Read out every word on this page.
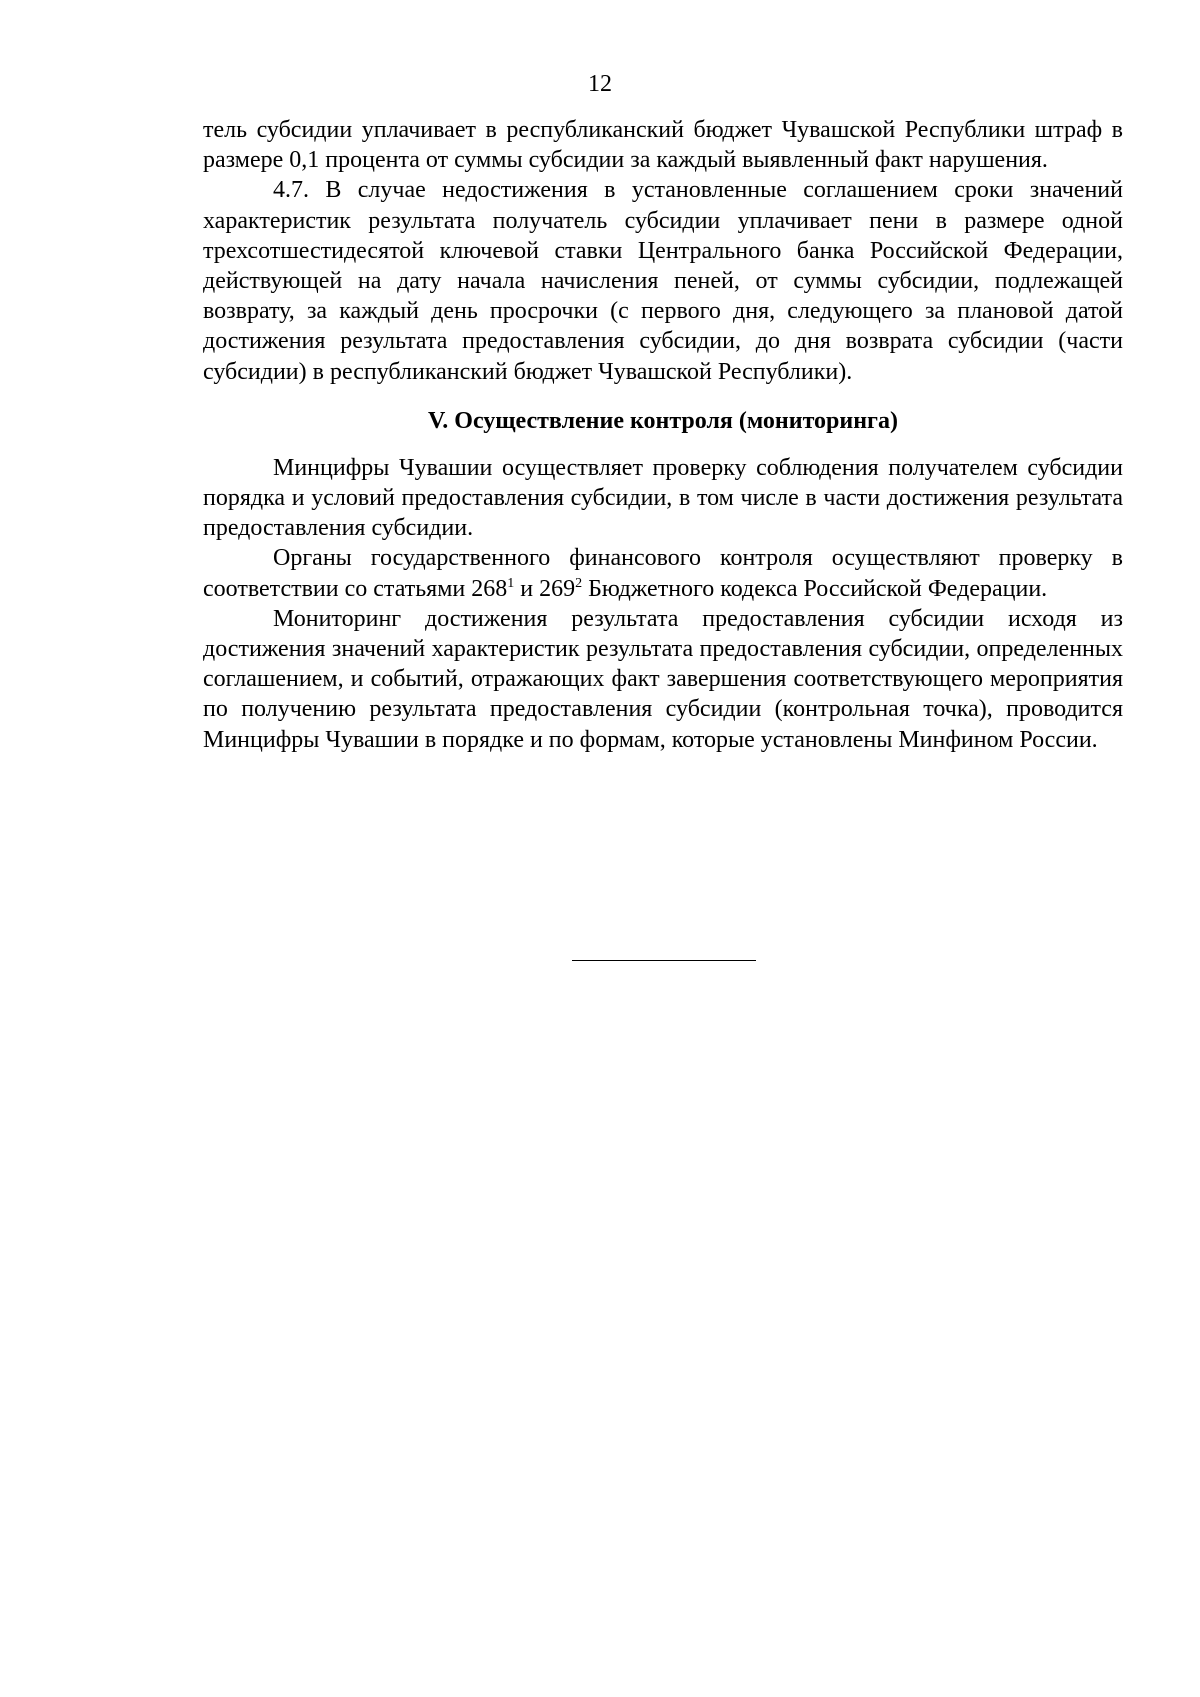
12

тель субсидии уплачивает в республиканский бюджет Чувашской Республики штраф в размере 0,1 процента от суммы субсидии за каждый выявленный факт нарушения.

4.7. В случае недостижения в установленные соглашением сроки значений характеристик результата получатель субсидии уплачивает пени в размере одной трехсотшестидесятой ключевой ставки Центрального банка Российской Федерации, действующей на дату начала начисления пеней, от суммы субсидии, подлежащей возврату, за каждый день просрочки (с первого дня, следующего за плановой датой достижения результата предоставления субсидии, до дня возврата субсидии (части субсидии) в республиканский бюджет Чувашской Республики).

V. Осуществление контроля (мониторинга)

Минцифры Чувашии осуществляет проверку соблюдения получателем субсидии порядка и условий предоставления субсидии, в том числе в части достижения результата предоставления субсидии.

Органы государственного финансового контроля осуществляют проверку в соответствии со статьями $268^1$ и $269^2$ Бюджетного кодекса Российской Федерации.

Мониторинг достижения результата предоставления субсидии исходя из достижения значений характеристик результата предоставления субсидии, определенных соглашением, и событий, отражающих факт завершения соответствующего мероприятия по получению результата предоставления субсидии (контрольная точка), проводится Минцифры Чувашии в порядке и по формам, которые установлены Минфином России.
